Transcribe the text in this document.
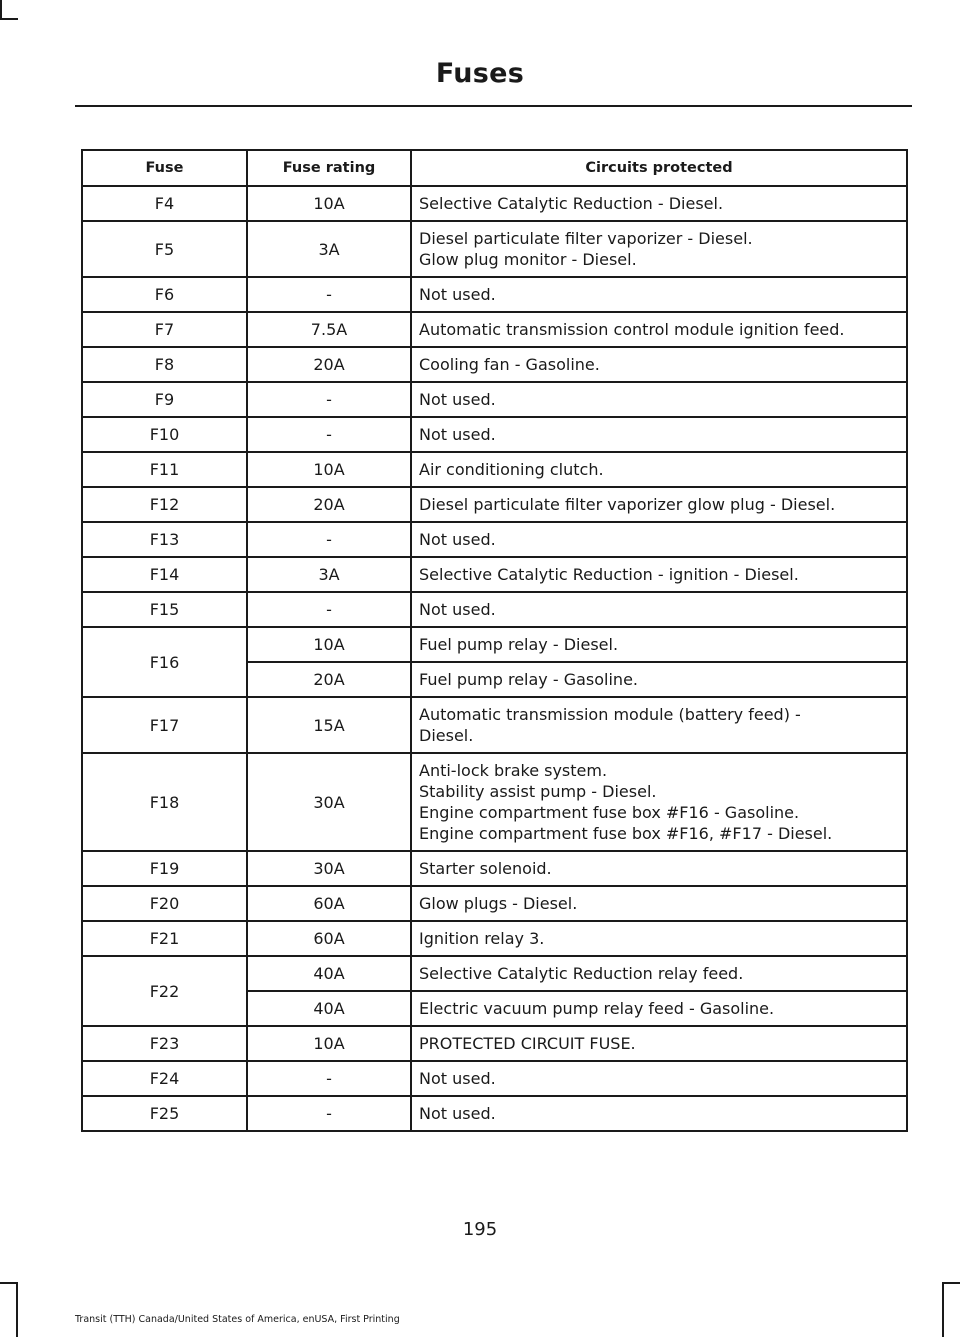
Fuses
Fuse	Fuse rating	Circuits protected
F4	10A	Selective Catalytic Reduction - Diesel.

F5	3A	Diesel particulate filter vaporizer - Diesel.
Glow plug monitor - Diesel.

F6	-	Not used.

F7	7.5A	Automatic transmission control module ignition feed.

F8	20A	Cooling fan - Gasoline.

F9	-	Not used.

F10	-	Not used.

F11	10A	Air conditioning clutch.

F12	20A	Diesel particulate filter vaporizer glow plug - Diesel.

F13	-	Not used.

F14	3A	Selective Catalytic Reduction - ignition - Diesel.

F15	-	Not used.

F16	10A	Fuel pump relay - Diesel.

	20A	Fuel pump relay - Gasoline.

F17	15A	Automatic transmission module (battery feed) -
Diesel.

F18	30A	Anti-lock brake system.
Stability assist pump - Diesel.
Engine compartment fuse box #F16 - Gasoline.
Engine compartment fuse box #F16, #F17 - Diesel.

F19	30A	Starter solenoid.

F20	60A	Glow plugs - Diesel.

F21	60A	Ignition relay 3.

F22	40A	Selective Catalytic Reduction relay feed.

	40A	Electric vacuum pump relay feed - Gasoline.

F23	10A	PROTECTED CIRCUIT FUSE.

F24	-	Not used.

F25	-	Not used.
195
Transit (TTH) Canada/United States of America, enUSA, First Printing
